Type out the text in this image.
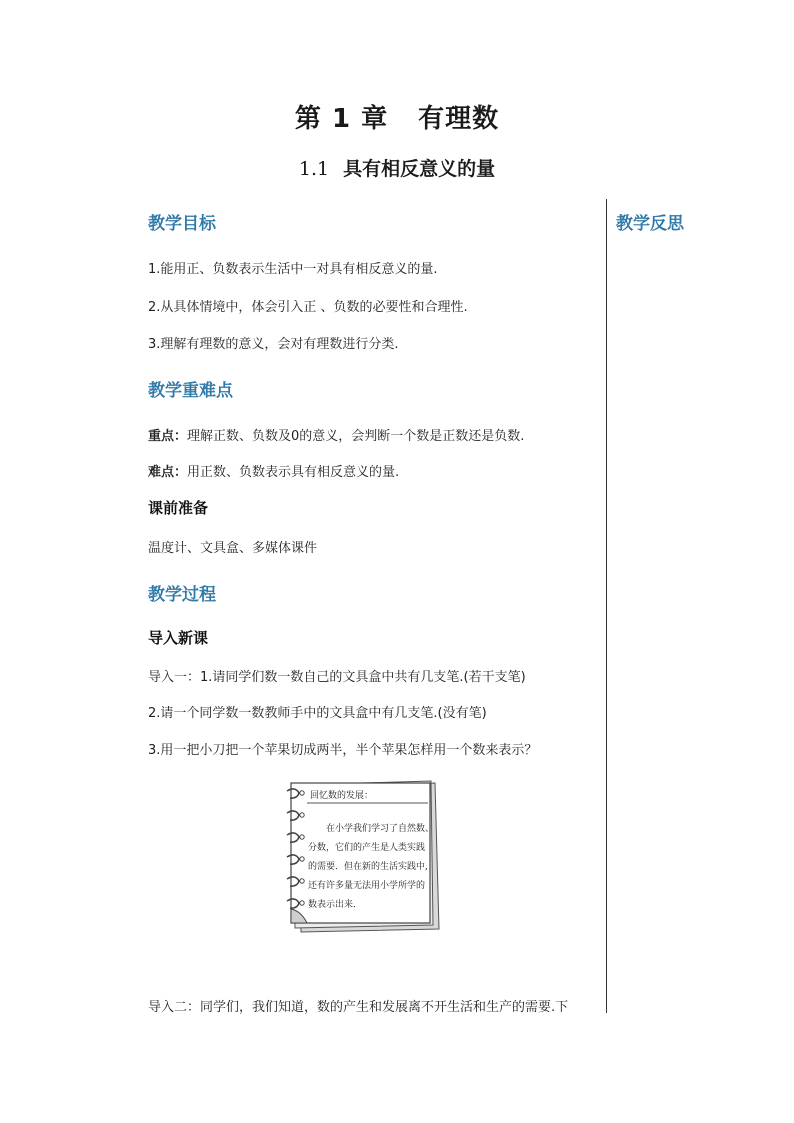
第 1 章 有理数
1.1 具有相反意义的量
教学反思
教学目标
1.能用正、负数表示生活中一对具有相反意义的量.
2.从具体情境中，体会引入正 、负数的必要性和合理性.
3.理解有理数的意义，会对有理数进行分类.
教学重难点
重点：理解正数、负数及0的意义，会判断一个数是正数还是负数.
难点：用正数、负数表示具有相反意义的量.
课前准备
温度计、文具盒、多媒体课件
教学过程
导入新课
导入一：1.请同学们数一数自己的文具盒中共有几支笔.(若干支笔)
2.请一个同学数一数教师手中的文具盒中有几支笔.(没有笔)
3.用一把小刀把一个苹果切成两半，半个苹果怎样用一个数来表示？
回忆数的发展：
在小学我们学习了自然数、
分数，它们的产生是人类实践
的需要．但在新的生活实践中,
还有许多量无法用小学所学的
数表示出来．
导入二：同学们，我们知道，数的产生和发展离不开生活和生产的需要.下
